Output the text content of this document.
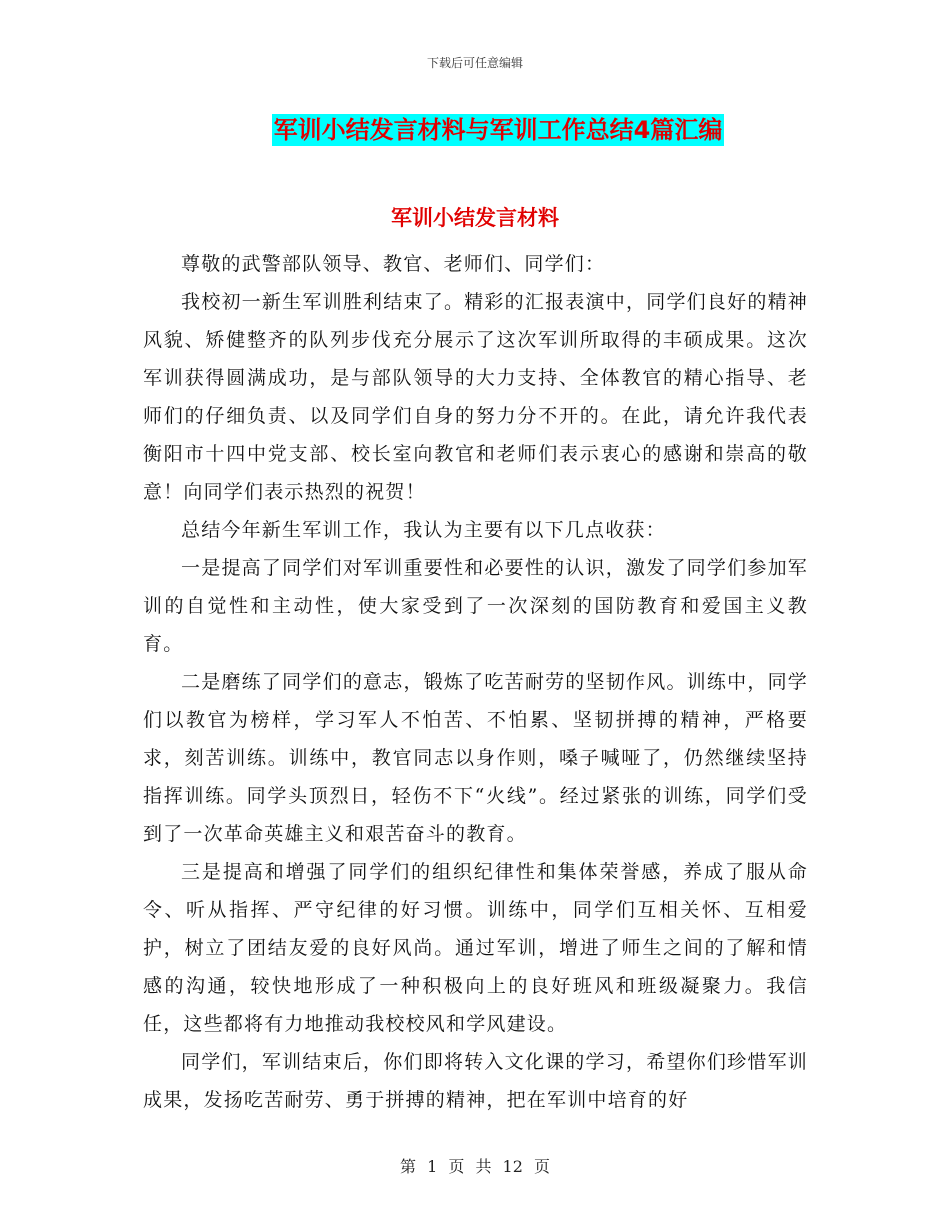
下载后可任意编辑
军训小结发言材料与军训工作总结4篇汇编
军训小结发言材料

尊敬的武警部队领导、教官、老师们、同学们：

我校初一新生军训胜利结束了。精彩的汇报表演中，同学们良好的精神风貌、矫健整齐的队列步伐充分展示了这次军训所取得的丰硕成果。这次军训获得圆满成功，是与部队领导的大力支持、全体教官的精心指导、老师们的仔细负责、以及同学们自身的努力分不开的。在此，请允许我代表衡阳市十四中党支部、校长室向教官和老师们表示衷心的感谢和崇高的敬意！向同学们表示热烈的祝贺！

总结今年新生军训工作，我认为主要有以下几点收获：

一是提高了同学们对军训重要性和必要性的认识，激发了同学们参加军训的自觉性和主动性，使大家受到了一次深刻的国防教育和爱国主义教育。

二是磨练了同学们的意志，锻炼了吃苦耐劳的坚韧作风。训练中，同学们以教官为榜样，学习军人不怕苦、不怕累、坚韧拼搏的精神，严格要求，刻苦训练。训练中，教官同志以身作则，嗓子喊哑了，仍然继续坚持指挥训练。同学头顶烈日，轻伤不下“火线”。经过紧张的训练，同学们受到了一次革命英雄主义和艰苦奋斗的教育。

三是提高和增强了同学们的组织纪律性和集体荣誉感，养成了服从命令、听从指挥、严守纪律的好习惯。训练中，同学们互相关怀、互相爱护，树立了团结友爱的良好风尚。通过军训，增进了师生之间的了解和情感的沟通，较快地形成了一种积极向上的良好班风和班级凝聚力。我信任，这些都将有力地推动我校校风和学风建设。

同学们，军训结束后，你们即将转入文化课的学习，希望你们珍惜军训成果，发扬吃苦耐劳、勇于拼搏的精神，把在军训中培育的好

第 1 页 共 12 页
